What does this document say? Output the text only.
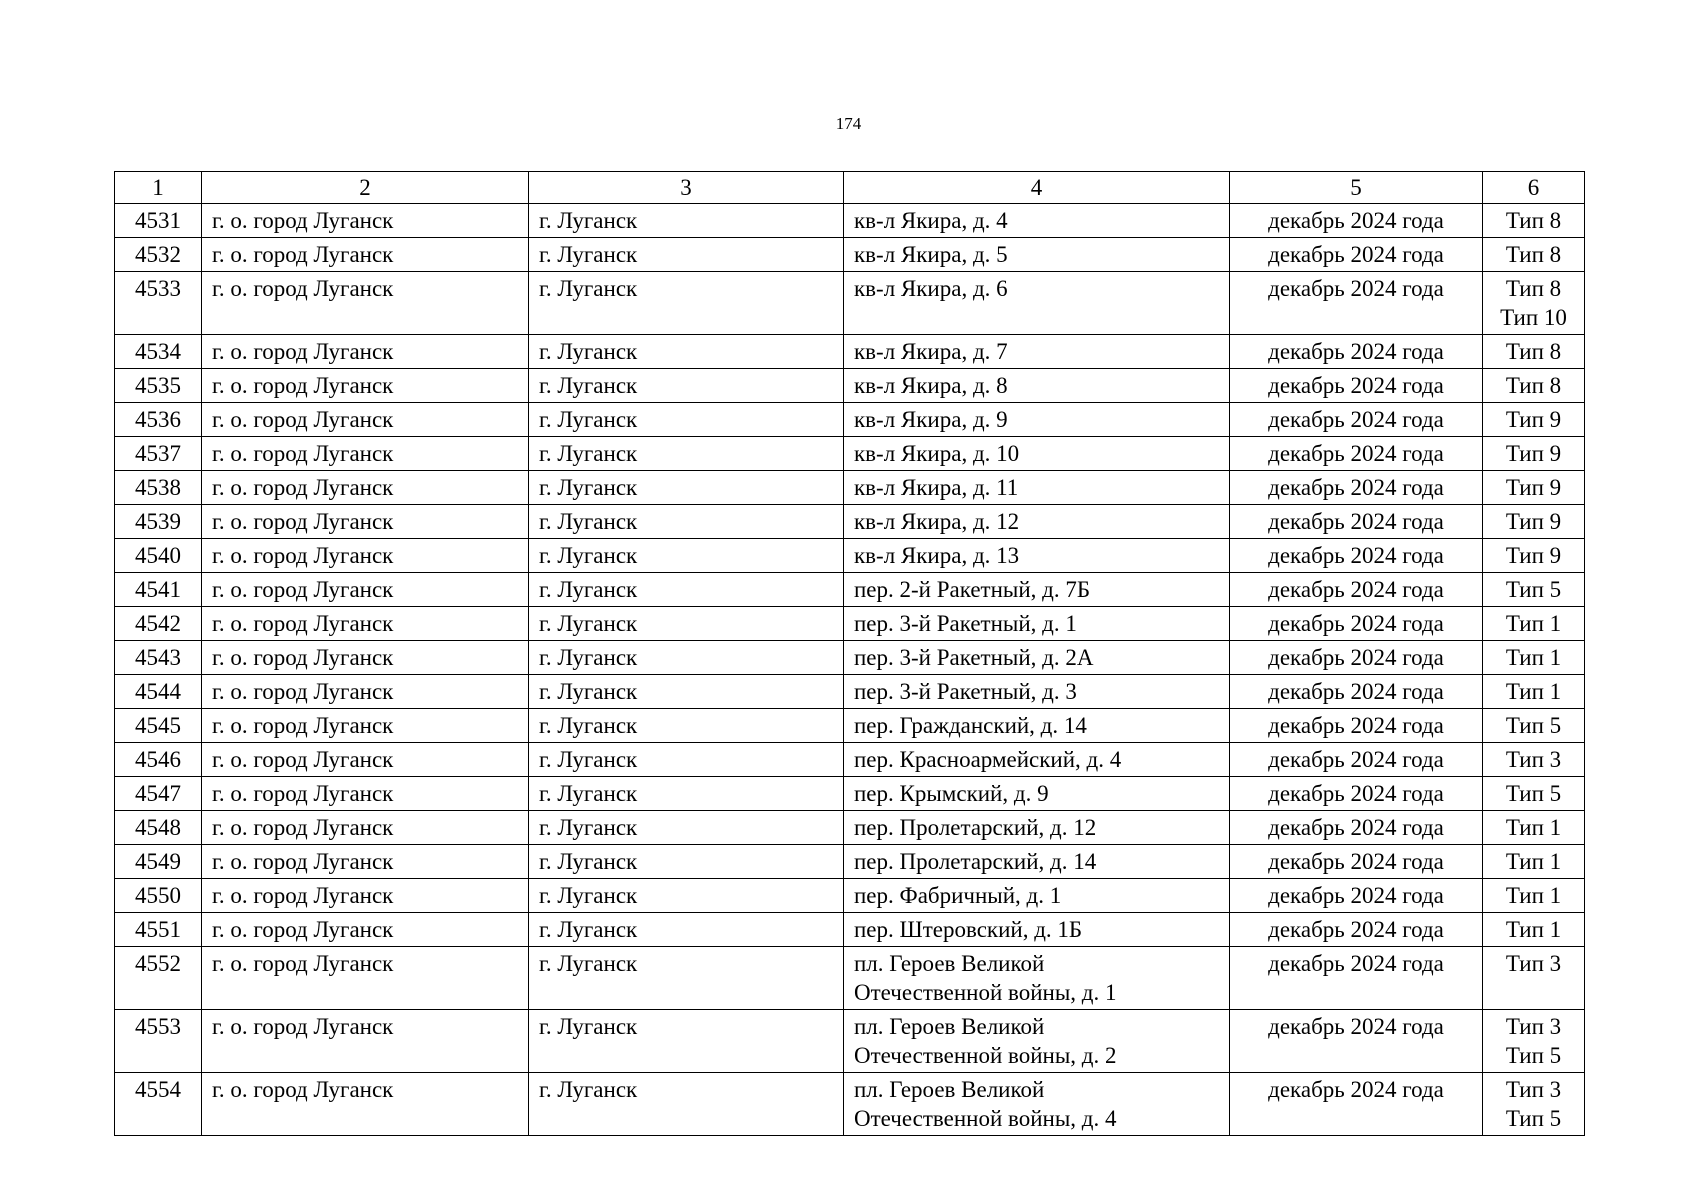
174
1	2	3	4	5	6
4531	г. о. город Луганск	г. Луганск	кв-л Якира, д. 4	декабрь 2024 года	Тип 8

4532	г. о. город Луганск	г. Луганск	кв-л Якира, д. 5	декабрь 2024 года	Тип 8

4533	г. о. город Луганск	г. Луганск	кв-л Якира, д. 6	декабрь 2024 года	Тип 8
Тип 10

4534	г. о. город Луганск	г. Луганск	кв-л Якира, д. 7	декабрь 2024 года	Тип 8

4535	г. о. город Луганск	г. Луганск	кв-л Якира, д. 8	декабрь 2024 года	Тип 8

4536	г. о. город Луганск	г. Луганск	кв-л Якира, д. 9	декабрь 2024 года	Тип 9

4537	г. о. город Луганск	г. Луганск	кв-л Якира, д. 10	декабрь 2024 года	Тип 9

4538	г. о. город Луганск	г. Луганск	кв-л Якира, д. 11	декабрь 2024 года	Тип 9

4539	г. о. город Луганск	г. Луганск	кв-л Якира, д. 12	декабрь 2024 года	Тип 9

4540	г. о. город Луганск	г. Луганск	кв-л Якира, д. 13	декабрь 2024 года	Тип 9

4541	г. о. город Луганск	г. Луганск	пер. 2-й Ракетный, д. 7Б	декабрь 2024 года	Тип 5

4542	г. о. город Луганск	г. Луганск	пер. 3-й Ракетный, д. 1	декабрь 2024 года	Тип 1

4543	г. о. город Луганск	г. Луганск	пер. 3-й Ракетный, д. 2А	декабрь 2024 года	Тип 1

4544	г. о. город Луганск	г. Луганск	пер. 3-й Ракетный, д. 3	декабрь 2024 года	Тип 1

4545	г. о. город Луганск	г. Луганск	пер. Гражданский, д. 14	декабрь 2024 года	Тип 5

4546	г. о. город Луганск	г. Луганск	пер. Красноармейский, д. 4	декабрь 2024 года	Тип 3

4547	г. о. город Луганск	г. Луганск	пер. Крымский, д. 9	декабрь 2024 года	Тип 5

4548	г. о. город Луганск	г. Луганск	пер. Пролетарский, д. 12	декабрь 2024 года	Тип 1

4549	г. о. город Луганск	г. Луганск	пер. Пролетарский, д. 14	декабрь 2024 года	Тип 1

4550	г. о. город Луганск	г. Луганск	пер. Фабричный, д. 1	декабрь 2024 года	Тип 1

4551	г. о. город Луганск	г. Луганск	пер. Штеровский, д. 1Б	декабрь 2024 года	Тип 1

4552	г. о. город Луганск	г. Луганск	пл. Героев Великой
Отечественной войны, д. 1	декабрь 2024 года	Тип 3

4553	г. о. город Луганск	г. Луганск	пл. Героев Великой
Отечественной войны, д. 2	декабрь 2024 года	Тип 3
Тип 5

4554	г. о. город Луганск	г. Луганск	пл. Героев Великой
Отечественной войны, д. 4	декабрь 2024 года	Тип 3
Тип 5
